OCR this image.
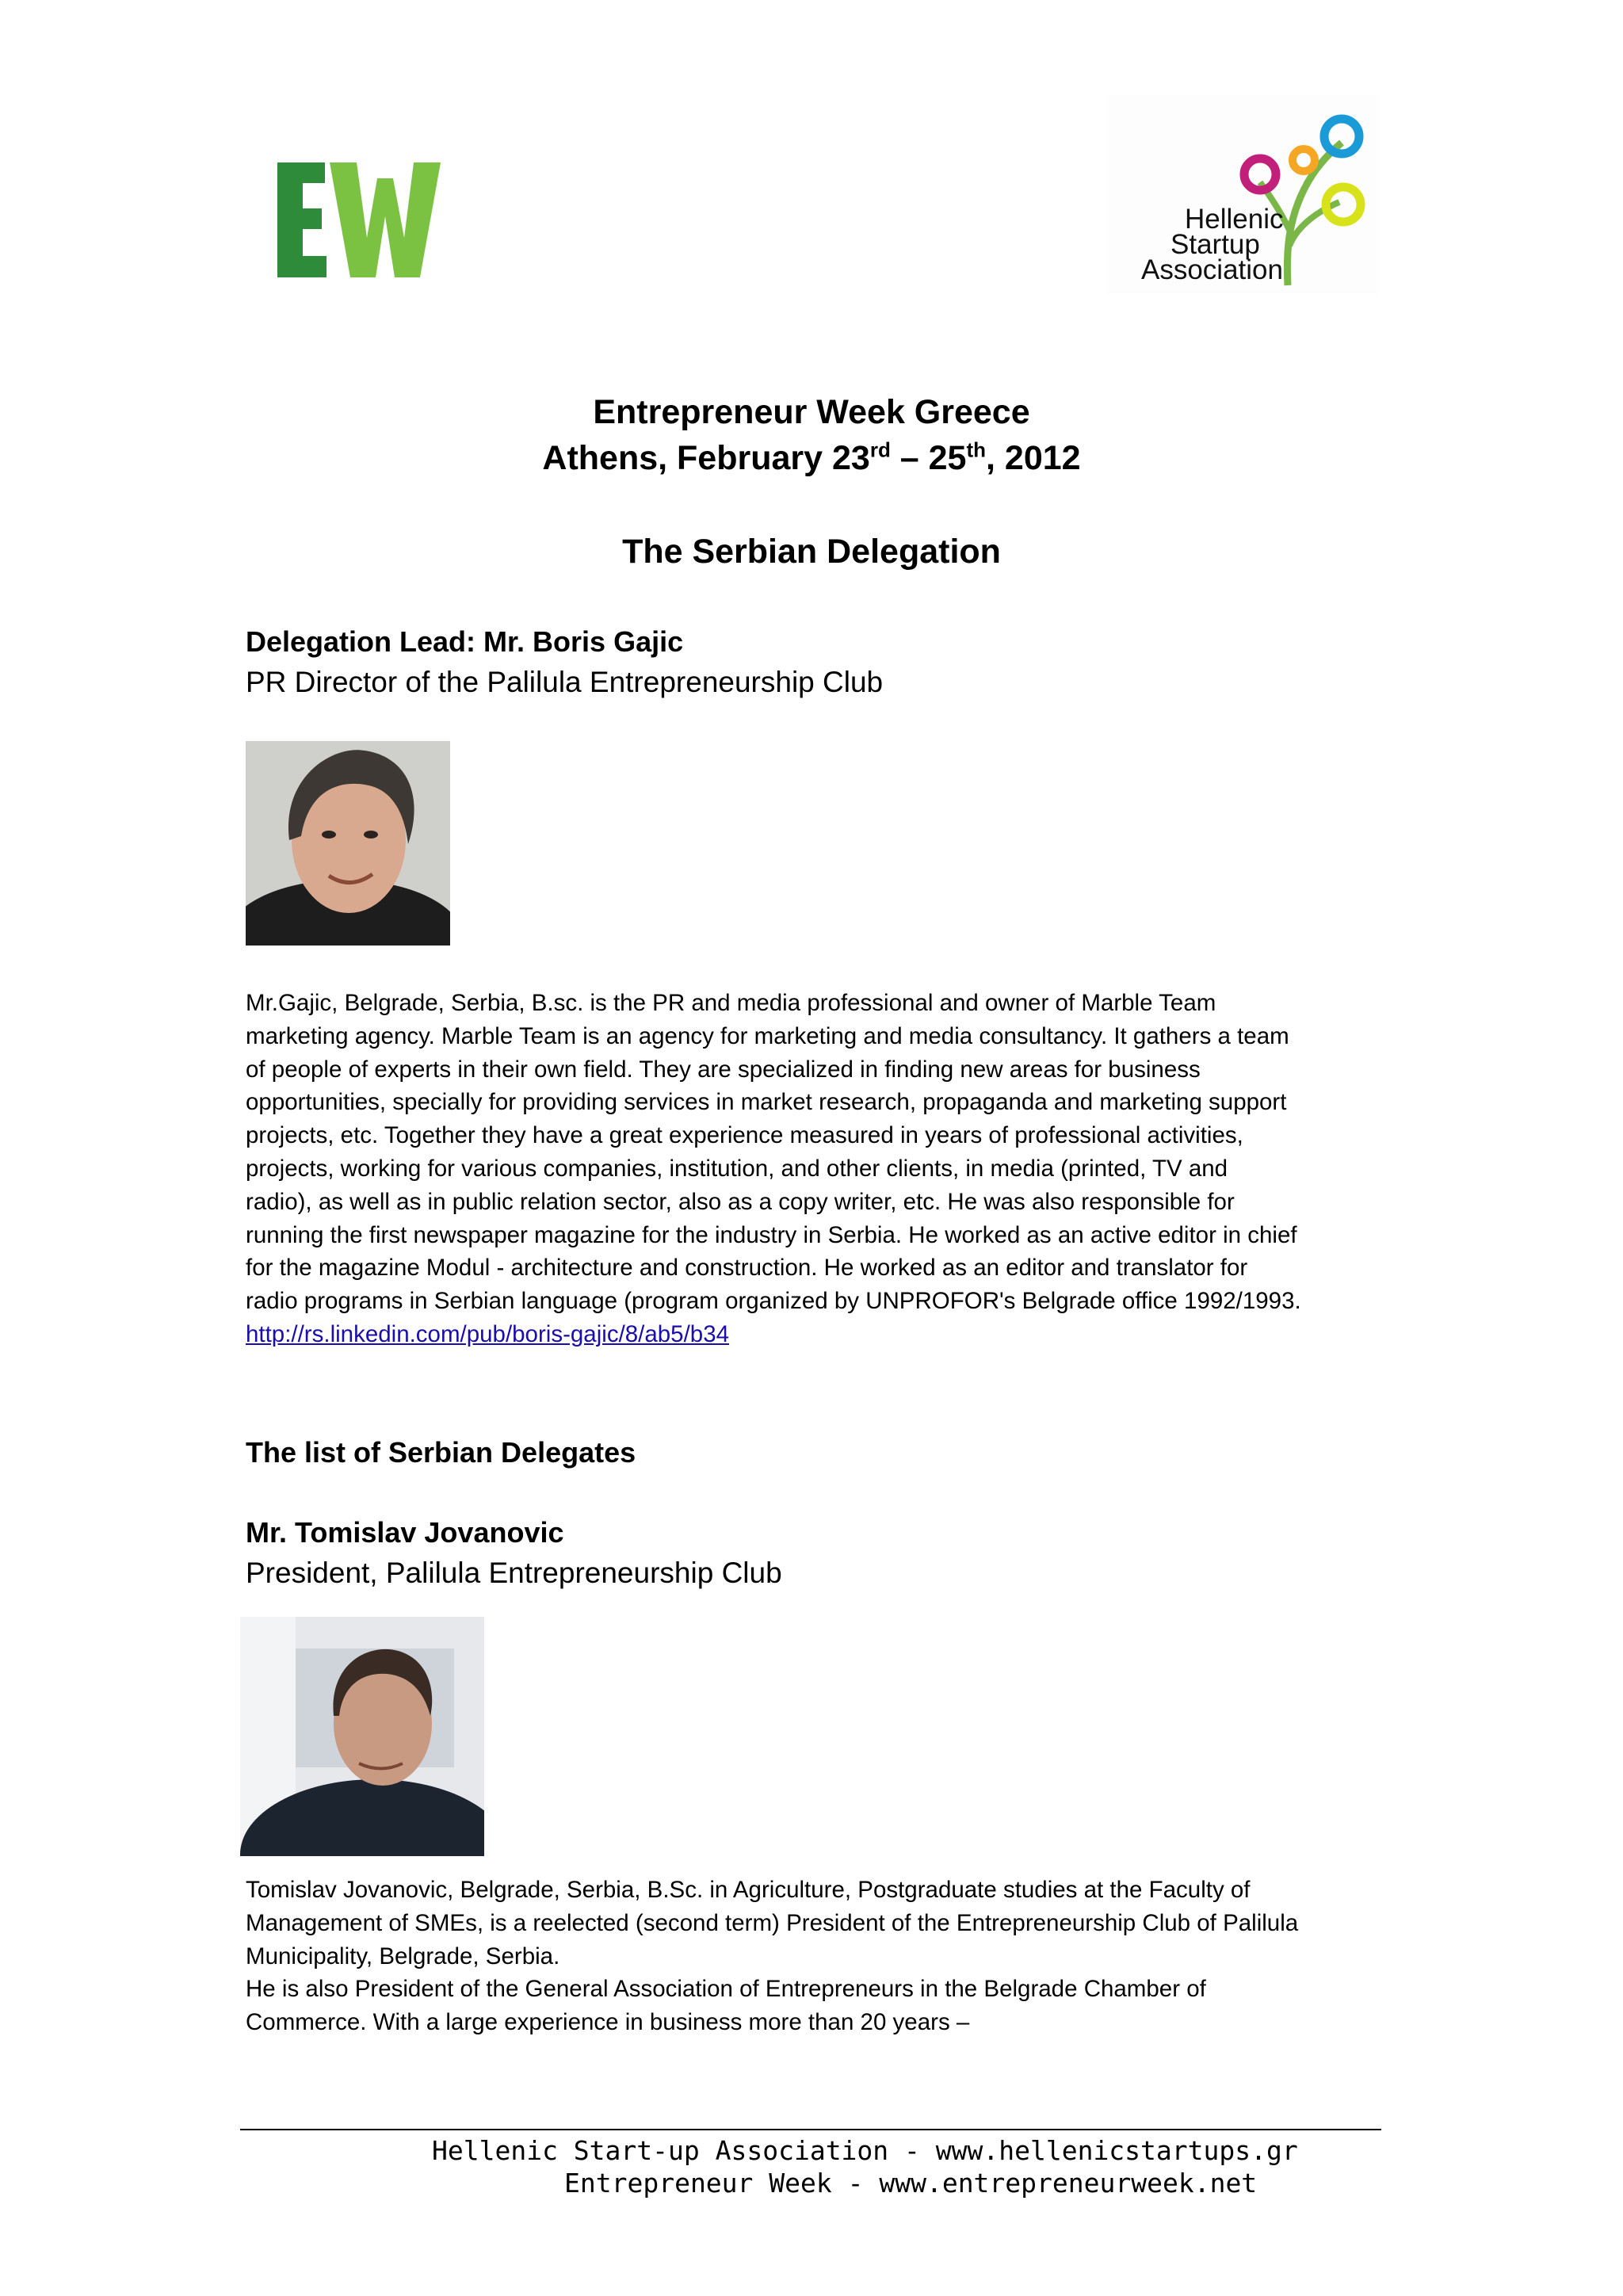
Hellenic
Startup
Association
Entrepreneur Week Greece
Athens, February 23rd – 25th, 2012
The Serbian Delegation
Delegation Lead: Mr. Boris Gajic
PR Director of the Palilula Entrepreneurship Club
Mr.Gajic, Belgrade, Serbia, B.sc. is the PR and media professional and owner of Marble Team
marketing agency. Marble Team is an agency for marketing and media consultancy. It gathers a team
of people of experts in their own field. They are specialized in finding new areas for business
opportunities, specially for providing services in market research, propaganda and marketing support
projects, etc. Together they have a great experience measured in years of professional activities,
projects, working for various companies, institution, and other clients, in media (printed, TV and
radio), as well as in public relation sector, also as a copy writer, etc. He was also responsible for
running the first newspaper magazine for the industry in Serbia. He worked as an active editor in chief
for the magazine Modul - architecture and construction. He worked as an editor and translator for
radio programs in Serbian language (program organized by UNPROFOR's Belgrade office 1992/1993.
http://rs.linkedin.com/pub/boris-gajic/8/ab5/b34
The list of Serbian Delegates
Mr. Tomislav Jovanovic
President, Palilula Entrepreneurship Club
Tomislav Jovanovic, Belgrade, Serbia, B.Sc. in Agriculture, Postgraduate studies at the Faculty of
Management of SMEs, is a reelected (second term) President of the Entrepreneurship Club of Palilula
Municipality, Belgrade, Serbia.
He is also President of the General Association of Entrepreneurs in the Belgrade Chamber of
Commerce. With a large experience in business more than 20 years –
Hellenic Start-up Association - www.hellenicstartups.gr
Entrepreneur Week - www.entrepreneurweek.net
